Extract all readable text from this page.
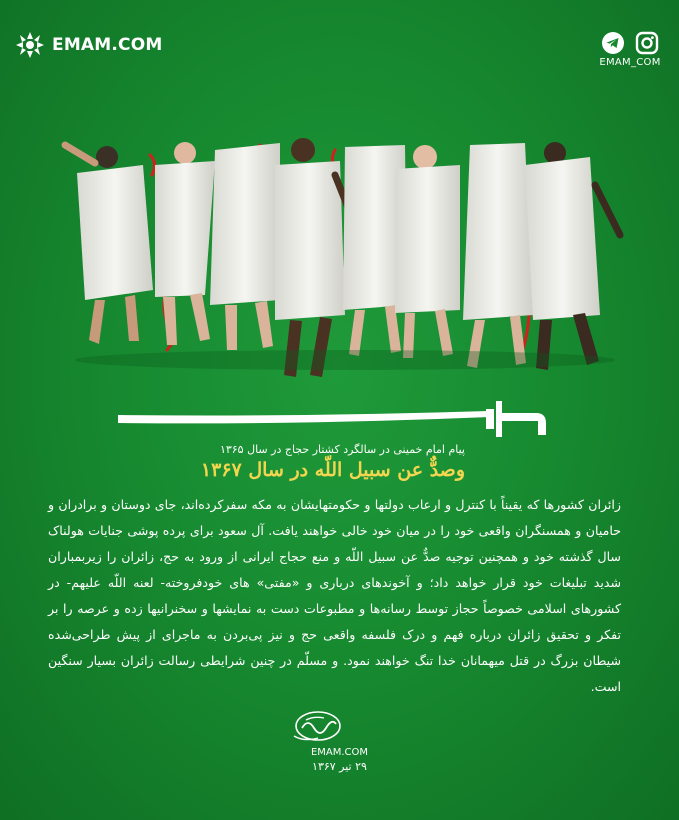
EMAM.COM
EMAM_COM
پیام امام خمینی در سالگرد کشتار حجاج در سال ۱۳۶۵
وصدٌّ عن سبیل اللّه در سال ۱۳۶۷
زائران کشورها که یقیناً با کنترل و ارعاب دولتها و حکومتهایشان به مکه سفرکرده‌اند، جای دوستان و برادران و حامیان و همسنگران واقعی خود را در میان خود خالی خواهند یافت. آل سعود برای پرده پوشی جنایات هولناک سال گذشته خود و همچنین توجیه صدٌّ عن سبیل اللّه و منع حجاج ایرانی از ورود به حج، زائران را زیربمباران شدید تبلیغات خود قرار خواهد داد؛ و آخوندهای درباری و «مفتی» های خودفروخته- لعنه اللّه علیهم- در کشورهای اسلامی خصوصاً حجاز توسط رسانه‌ها و مطبوعات دست به نمایشها و سخنرانیها زده و عرصه را بر تفکر و تحقیق زائران درباره فهم و درک فلسفه واقعی حج و نیز پی‌بردن به ماجرای از پیش طراحی‌شده شیطان بزرگ در قتل میهمانان خدا تنگ خواهند نمود. و مسلّم در چنین شرایطی رسالت زائران بسیار سنگین است.
EMAM.COM
۲۹ تیر ۱۳۶۷
